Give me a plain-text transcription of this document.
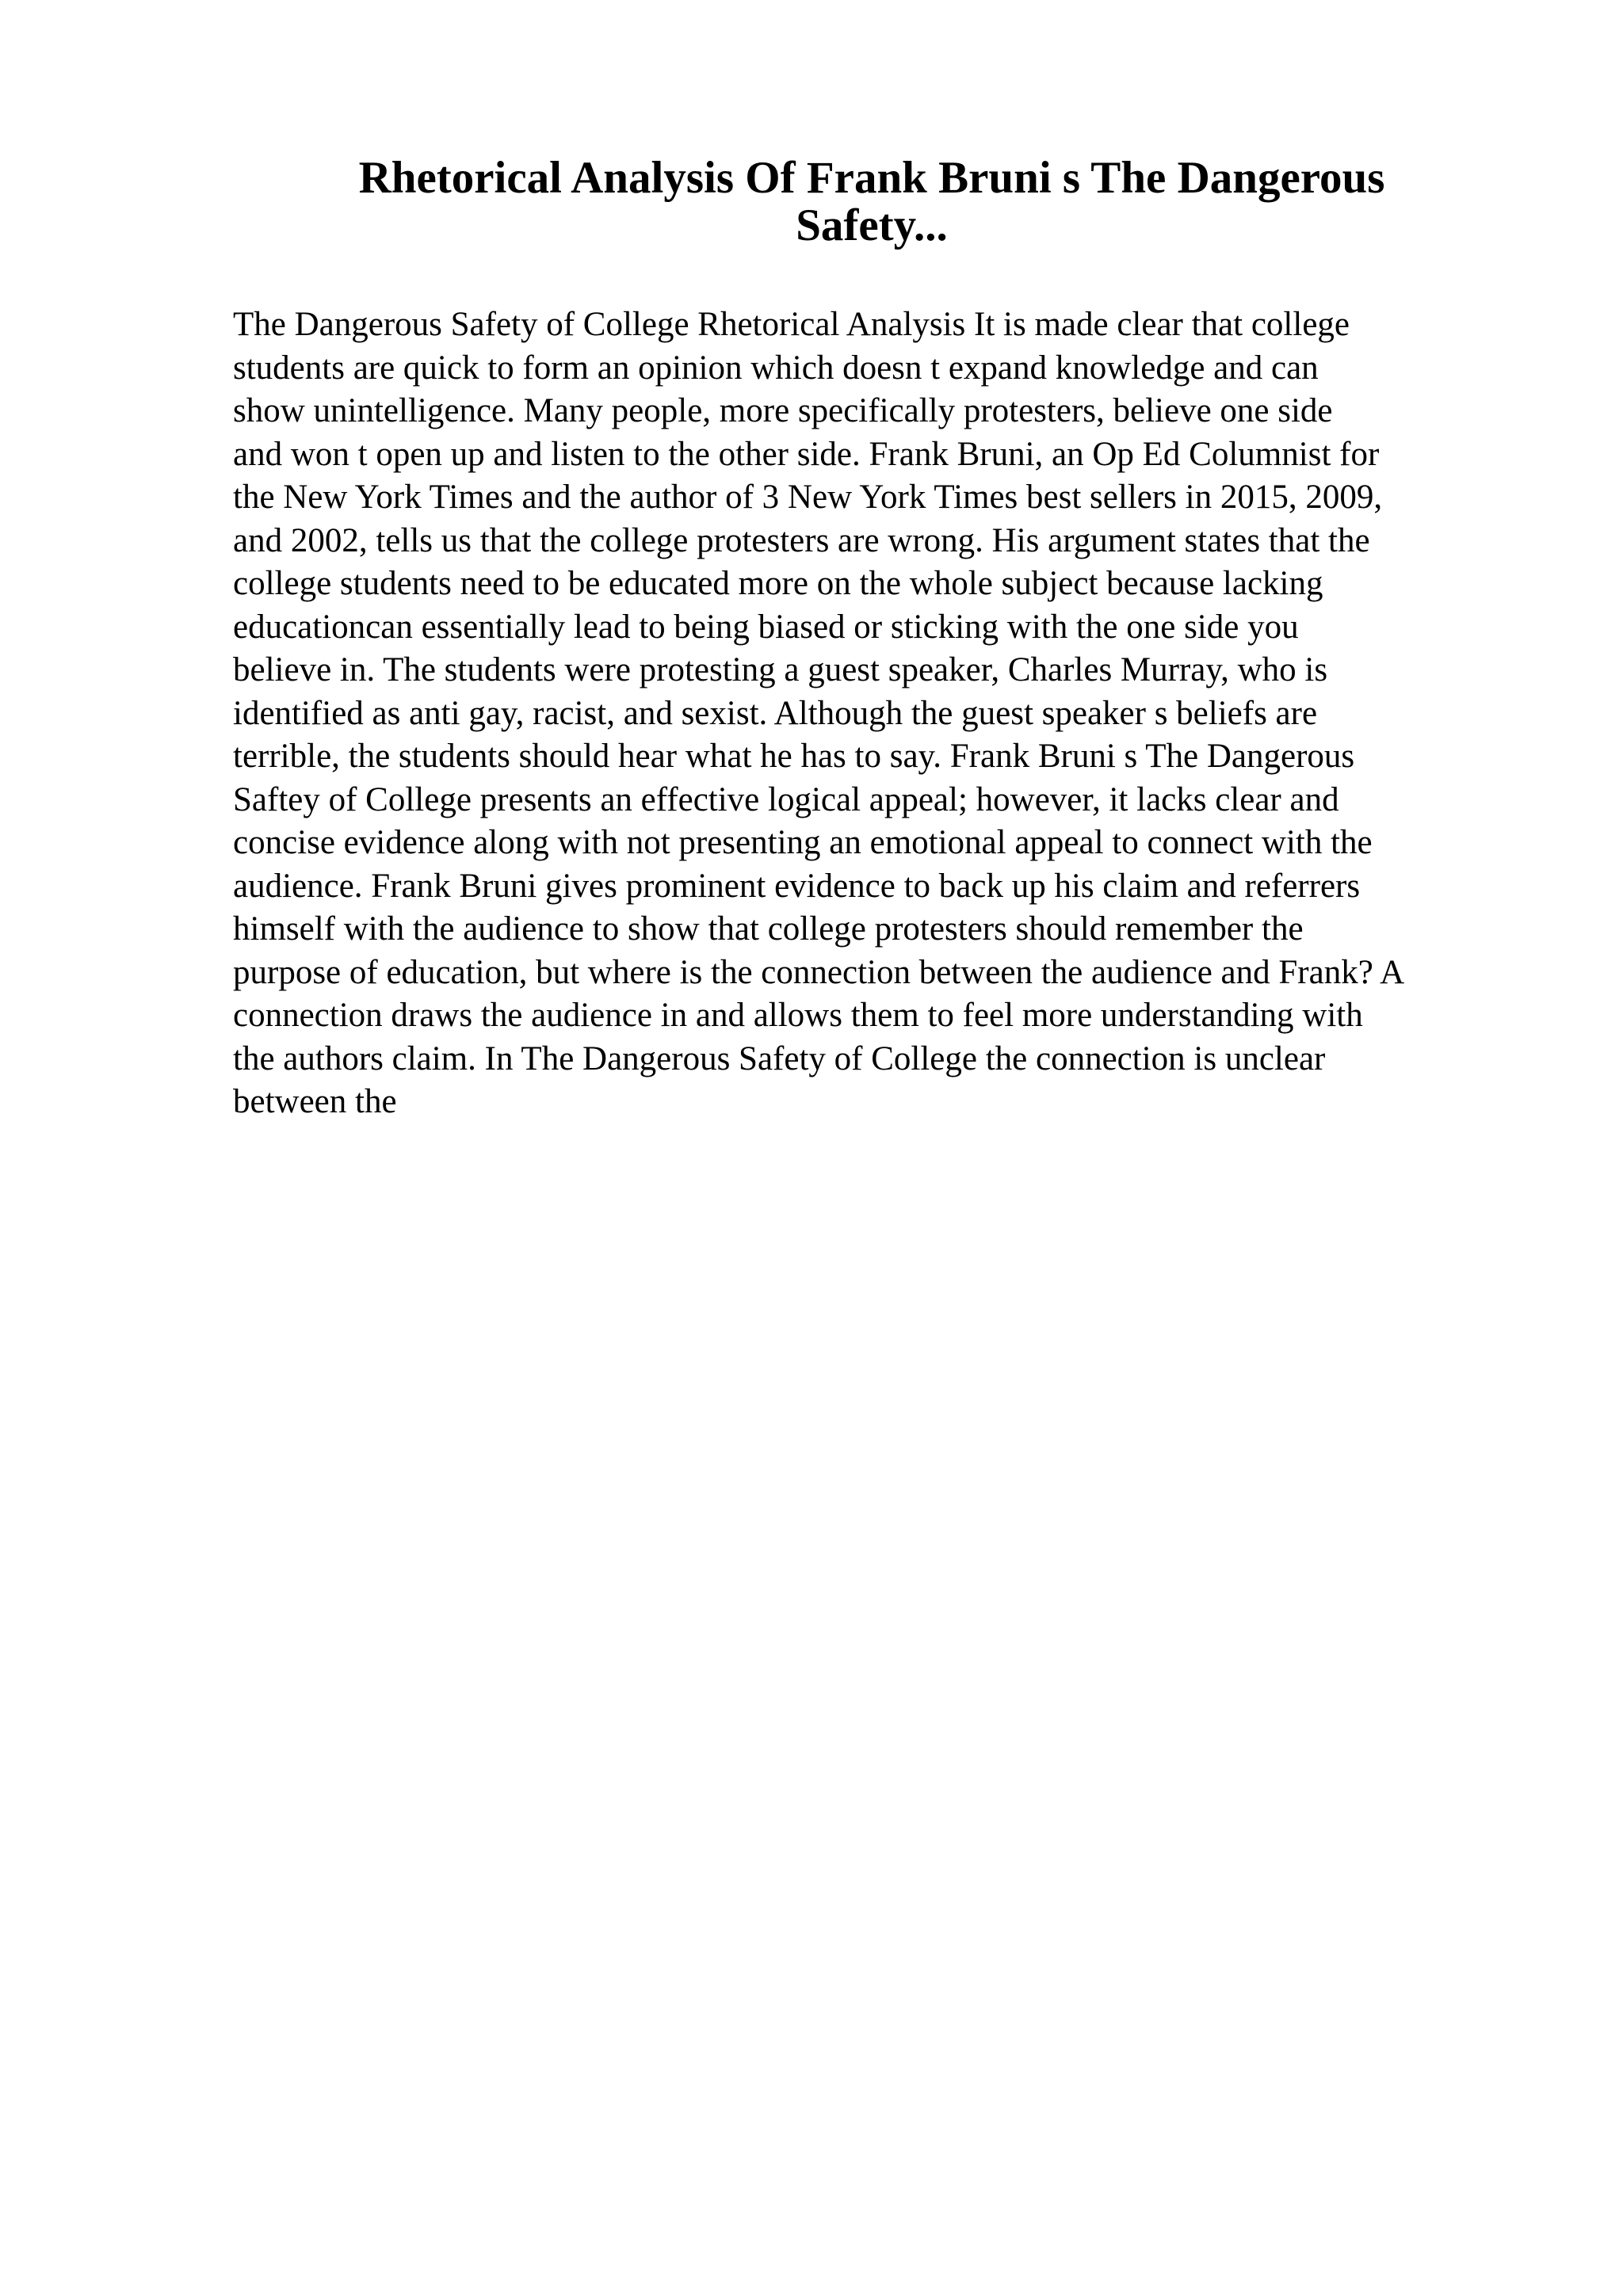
Rhetorical Analysis Of Frank Bruni s The Dangerous
Safety...
The Dangerous Safety of College Rhetorical Analysis It is made clear that college
students are quick to form an opinion which doesn t expand knowledge and can
show unintelligence. Many people, more specifically protesters, believe one side
and won t open up and listen to the other side. Frank Bruni, an Op Ed Columnist for
the New York Times and the author of 3 New York Times best sellers in 2015, 2009,
and 2002, tells us that the college protesters are wrong. His argument states that the
college students need to be educated more on the whole subject because lacking
educationcan essentially lead to being biased or sticking with the one side you
believe in. The students were protesting a guest speaker, Charles Murray, who is
identified as anti gay, racist, and sexist. Although the guest speaker s beliefs are
terrible, the students should hear what he has to say. Frank Bruni s The Dangerous
Saftey of College presents an effective logical appeal; however, it lacks clear and
concise evidence along with not presenting an emotional appeal to connect with the
audience. Frank Bruni gives prominent evidence to back up his claim and referrers
himself with the audience to show that college protesters should remember the
purpose of education, but where is the connection between the audience and Frank? A
connection draws the audience in and allows them to feel more understanding with
the authors claim. In The Dangerous Safety of College the connection is unclear
between the
